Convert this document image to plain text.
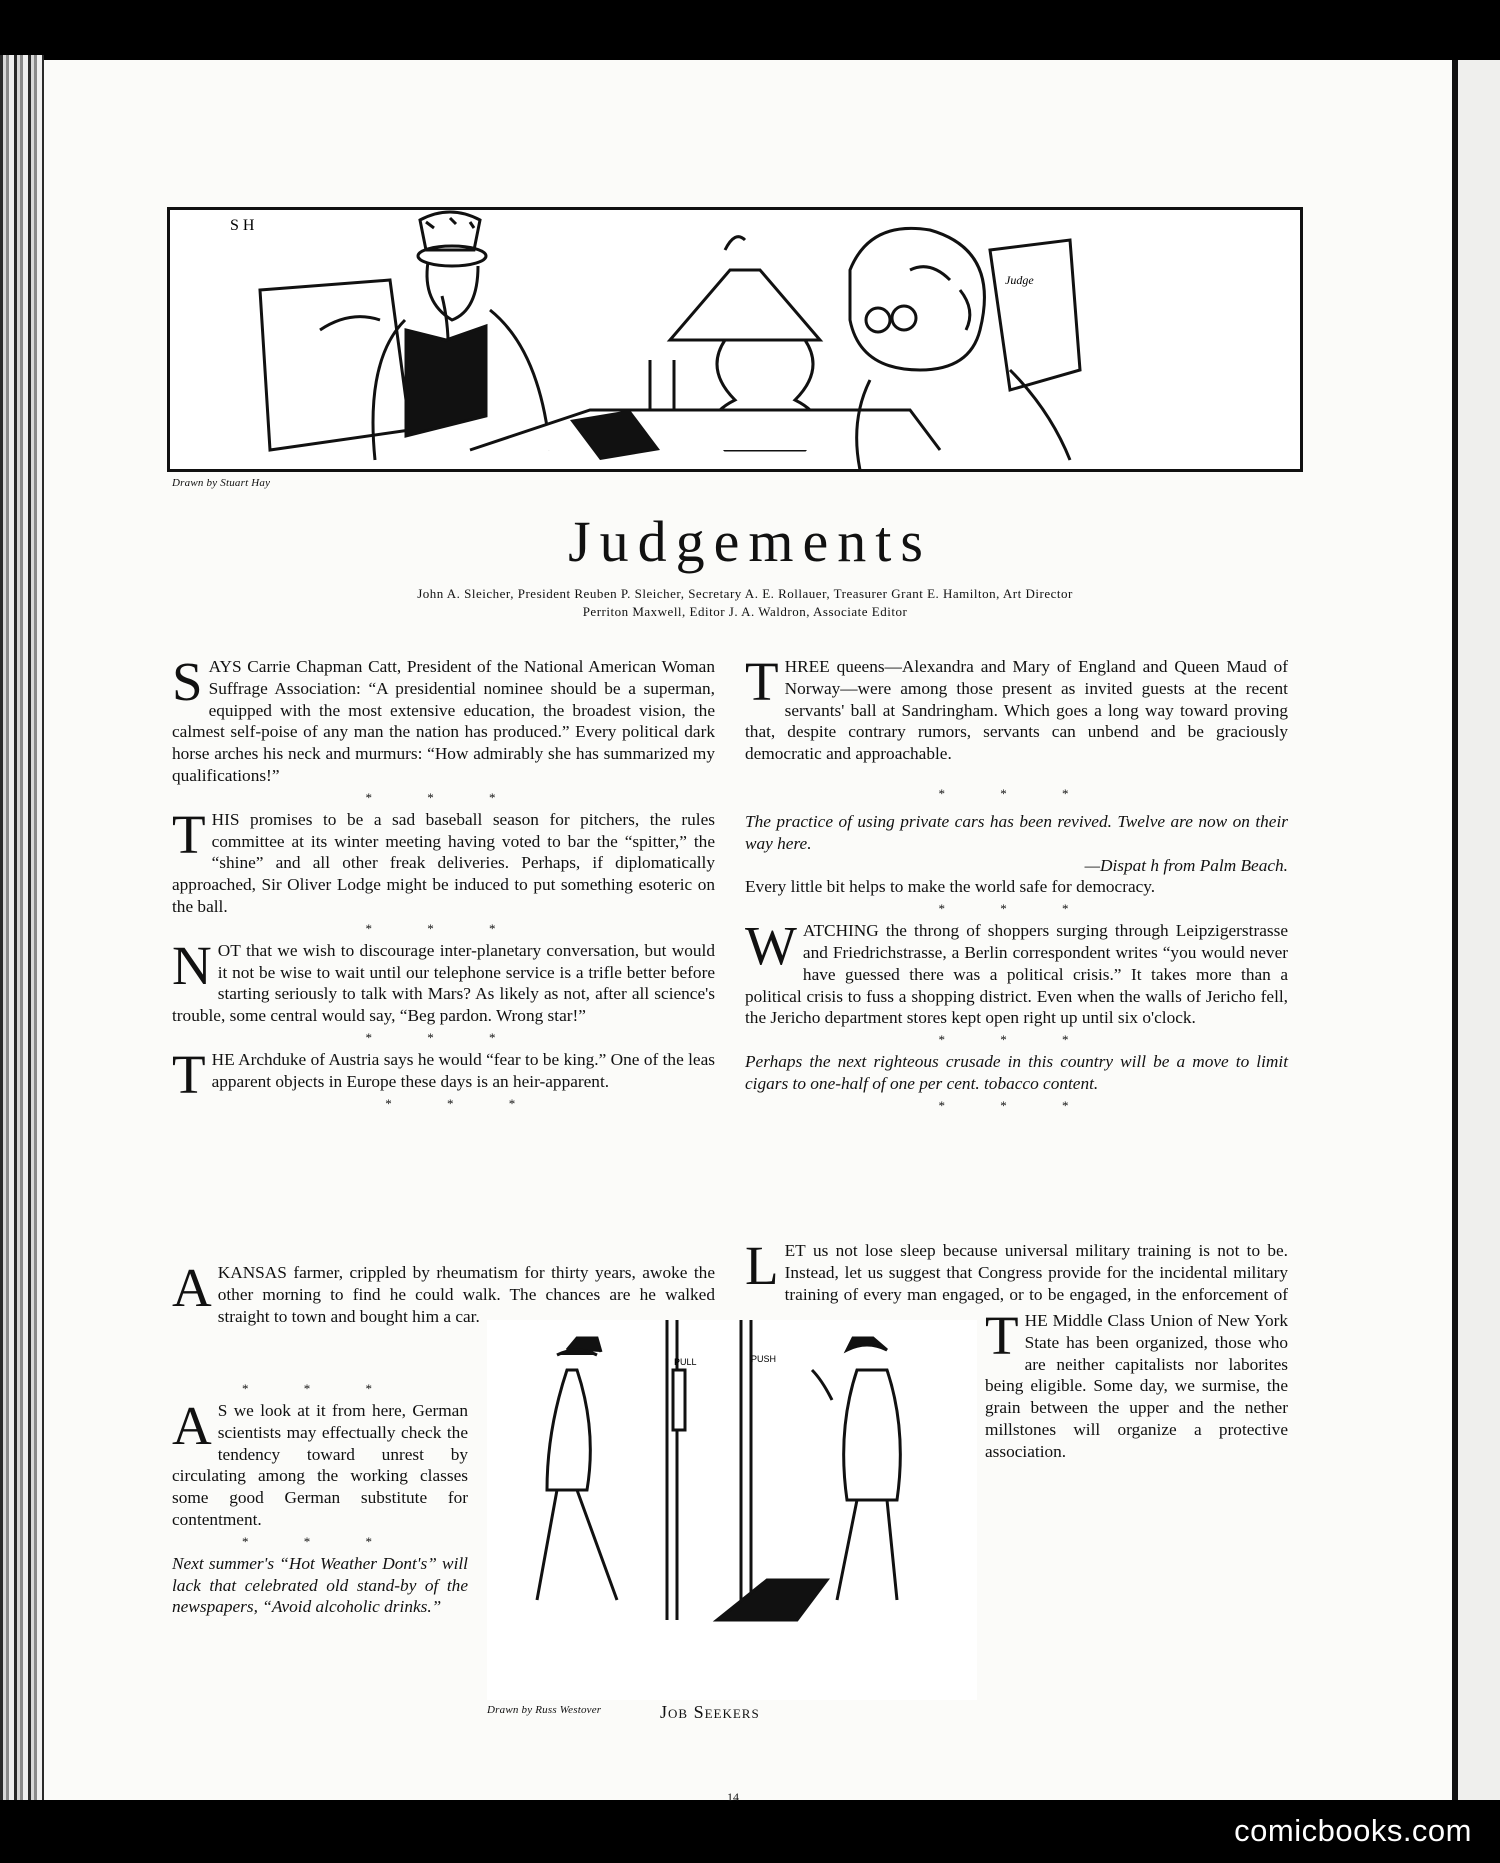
S H
Judge
Drawn by Stuart Hay
Judgements
John A. Sleicher, President Reuben P. Sleicher, Secretary A. E. Rollauer, Treasurer Grant E. Hamilton, Art Director
Perriton Maxwell, Editor J. A. Waldron, Associate Editor

SAYS Carrie Chapman Catt, President of the National American Woman Suffrage Association: “A presidential nominee should be a superman, equipped with the most extensive education, the broadest vision, the calmest self-poise of any man the nation has produced.” Every political dark horse arches his neck and murmurs: “How admirably she has summarized my qualifications!”

* * *

THIS promises to be a sad baseball season for pitchers, the rules committee at its winter meeting having voted to bar the “spitter,” the “shine” and all other freak deliveries. Perhaps, if diplomatically approached, Sir Oliver Lodge might be induced to put something esoteric on the ball.

* * *

NOT that we wish to discourage inter-planetary conversation, but would it not be wise to wait until our telephone service is a trifle better before starting seriously to talk with Mars? As likely as not, after all science's trouble, some central would say, “Beg pardon. Wrong star!”

* * *

THE Archduke of Austria says he would “fear to be king.” One of the leas apparent objects in Europe these days is an heir-apparent.

* * *

AKANSAS farmer, crippled by rheumatism for thirty years, awoke the other morning to find he could walk. The chances are he walked straight to town and bought him a car.

* * *

A S we look at it from here, German scientists may effectually check the tendency toward unrest by circulating among the working classes some good German substitute for contentment.

* * *

Next summer's “Hot Weather Dont's” will lack that celebrated old stand-by of the newspapers, “Avoid alcoholic drinks.”

THREE queens—Alexandra and Mary of England and Queen Maud of Norway—were among those present as invited guests at the recent servants' ball at Sandringham. Which goes a long way toward proving that, despite contrary rumors, servants can unbend and be graciously democratic and approachable.

* * *

The practice of using private cars has been revived. Twelve are now on their way here.

—Dispat h from Palm Beach.

Every little bit helps to make the world safe for democracy.

* * *

WATCHING the throng of shoppers surging through Leipzigerstrasse and Friedrichstrasse, a Berlin correspondent writes “you would never have guessed there was a political crisis.” It takes more than a political crisis to fuss a shopping district. Even when the walls of Jericho fell, the Jericho department stores kept open right up until six o'clock.

* * *

Perhaps the next righteous crusade in this country will be a move to limit cigars to one-half of one per cent. tobacco content.

* * *

LET us not lose sleep because universal military training is not to be. Instead, let us suggest that Congress provide for the incidental military training of every man engaged, or to be engaged, in the enforcement of

THE Middle Class Union of New York State has been organized, those who are neither capitalists nor laborites being eligible. Some day, we surmise, the grain between the upper and the nether millstones will organize a protective association.

PULL	PUSH
Drawn by Russ Westover	Job Seekers
14
comicbooks.com
